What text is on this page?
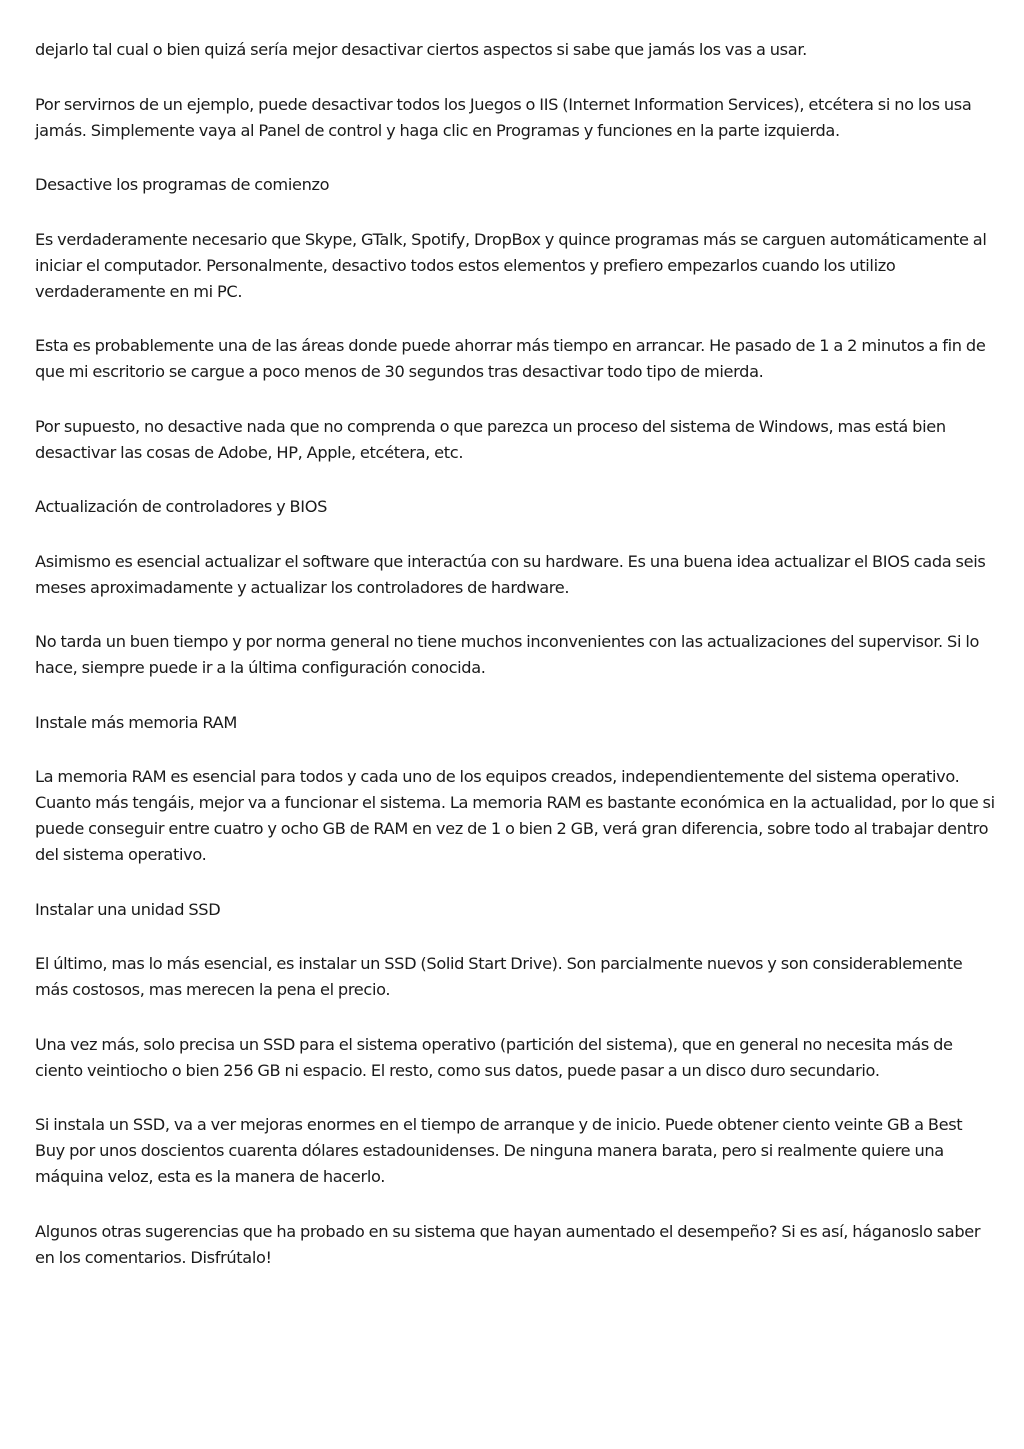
dejarlo tal cual o bien quizá sería mejor desactivar ciertos aspectos si sabe que jamás los vas a usar.

Por servirnos de un ejemplo, puede desactivar todos los Juegos o IIS (Internet Information Services), etcétera si no los usa jamás. Simplemente vaya al Panel de control y haga clic en Programas y funciones en la parte izquierda.

Desactive los programas de comienzo

Es verdaderamente necesario que Skype, GTalk, Spotify, DropBox y quince programas más se carguen automáticamente al iniciar el computador. Personalmente, desactivo todos estos elementos y prefiero empezarlos cuando los utilizo verdaderamente en mi PC.

Esta es probablemente una de las áreas donde puede ahorrar más tiempo en arrancar. He pasado de 1 a 2 minutos a fin de que mi escritorio se cargue a poco menos de 30 segundos tras desactivar todo tipo de mierda.

Por supuesto, no desactive nada que no comprenda o que parezca un proceso del sistema de Windows, mas está bien desactivar las cosas de Adobe, HP, Apple, etcétera, etc.

Actualización de controladores y BIOS

Asimismo es esencial actualizar el software que interactúa con su hardware. Es una buena idea actualizar el BIOS cada seis meses aproximadamente y actualizar los controladores de hardware.

No tarda un buen tiempo y por norma general no tiene muchos inconvenientes con las actualizaciones del supervisor. Si lo hace, siempre puede ir a la última configuración conocida.

Instale más memoria RAM

La memoria RAM es esencial para todos y cada uno de los equipos creados, independientemente del sistema operativo. Cuanto más tengáis, mejor va a funcionar el sistema. La memoria RAM es bastante económica en la actualidad, por lo que si puede conseguir entre cuatro y ocho GB de RAM en vez de 1 o bien 2 GB, verá gran diferencia, sobre todo al trabajar dentro del sistema operativo.

Instalar una unidad SSD

El último, mas lo más esencial, es instalar un SSD (Solid Start Drive). Son parcialmente nuevos y son considerablemente más costosos, mas merecen la pena el precio.

Una vez más, solo precisa un SSD para el sistema operativo (partición del sistema), que en general no necesita más de ciento veintiocho o bien 256 GB ni espacio. El resto, como sus datos, puede pasar a un disco duro secundario.

Si instala un SSD, va a ver mejoras enormes en el tiempo de arranque y de inicio. Puede obtener ciento veinte GB a Best Buy por unos doscientos cuarenta dólares estadounidenses. De ninguna manera barata, pero si realmente quiere una máquina veloz, esta es la manera de hacerlo.

Algunos otras sugerencias que ha probado en su sistema que hayan aumentado el desempeño? Si es así, háganoslo saber en los comentarios. Disfrútalo!
